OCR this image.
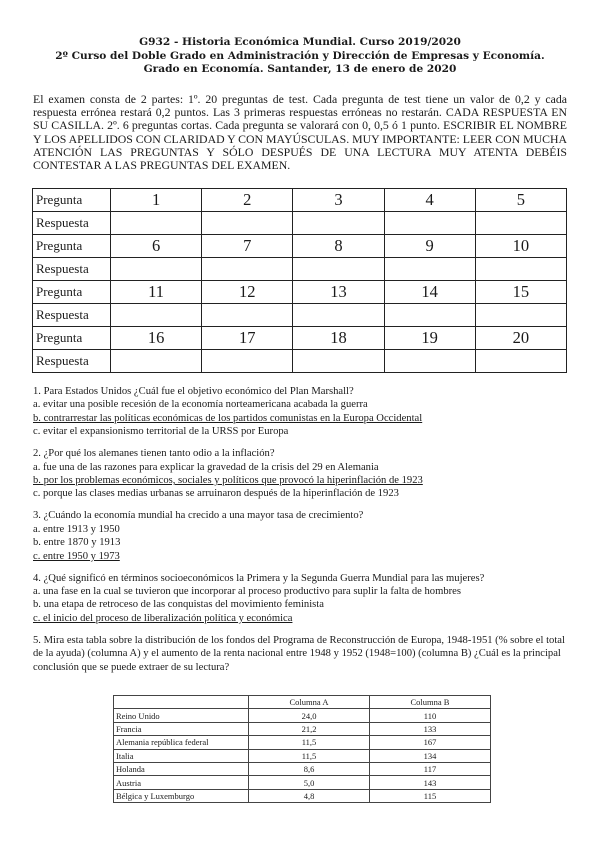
G932 - Historia Económica Mundial. Curso 2019/2020
2º Curso del Doble Grado en Administración y Dirección de Empresas y Economía.
Grado en Economía. Santander, 13 de enero de 2020
El examen consta de 2 partes: 1º. 20 preguntas de test. Cada pregunta de test tiene un valor de 0,2 y cada respuesta errónea restará 0,2 puntos. Las 3 primeras respuestas erróneas no restarán. CADA RESPUESTA EN SU CASILLA. 2º. 6 preguntas cortas. Cada pregunta se valorará con 0, 0,5 ó 1 punto. ESCRIBIR EL NOMBRE Y LOS APELLIDOS CON CLARIDAD Y CON MAYÚSCULAS. MUY IMPORTANTE: LEER CON MUCHA ATENCIÓN LAS PREGUNTAS Y SÓLO DESPUÉS DE UNA LECTURA MUY ATENTA DEBÉIS CONTESTAR A LAS PREGUNTAS DEL EXAMEN.
Pregunta	1	2	3	4	5
Respuesta					
Pregunta	6	7	8	9	10
Respuesta					
Pregunta	11	12	13	14	15
Respuesta					
Pregunta	16	17	18	19	20
Respuesta					
1. Para Estados Unidos ¿Cuál fue el objetivo económico del Plan Marshall?
a. evitar una posible recesión de la economía norteamericana acabada la guerra
b. contrarrestar las políticas económicas de los partidos comunistas en la Europa Occidental
c. evitar el expansionismo territorial de la URSS por Europa
2. ¿Por qué los alemanes tienen tanto odio a la inflación?
a. fue una de las razones para explicar la gravedad de la crisis del 29 en Alemania
b. por los problemas económicos, sociales y políticos que provocó la hiperinflación de 1923
c. porque las clases medias urbanas se arruinaron después de la hiperinflación de 1923
3. ¿Cuándo la economía mundial ha crecido a una mayor tasa de crecimiento?
a. entre 1913 y 1950
b. entre 1870 y 1913
c. entre 1950 y 1973
4. ¿Qué significó en términos socioeconómicos la Primera y la Segunda Guerra Mundial para las mujeres?
a. una fase en la cual se tuvieron que incorporar al proceso productivo para suplir la falta de hombres
b. una etapa de retroceso de las conquistas del movimiento feminista
c. el inicio del proceso de liberalización política y económica
5. Mira esta tabla sobre la distribución de los fondos del Programa de Reconstrucción de Europa, 1948-1951 (% sobre el total de la ayuda) (columna A) y el aumento de la renta nacional entre 1948 y 1952 (1948=100) (columna B) ¿Cuál es la principal conclusión que se puede extraer de su lectura?
	Columna A	Columna B
Reino Unido	24,0	110
Francia	21,2	133
Alemania república federal	11,5	167
Italia	11,5	134
Holanda	8,6	117
Austria	5,0	143
Bélgica y Luxemburgo	4,8	115
